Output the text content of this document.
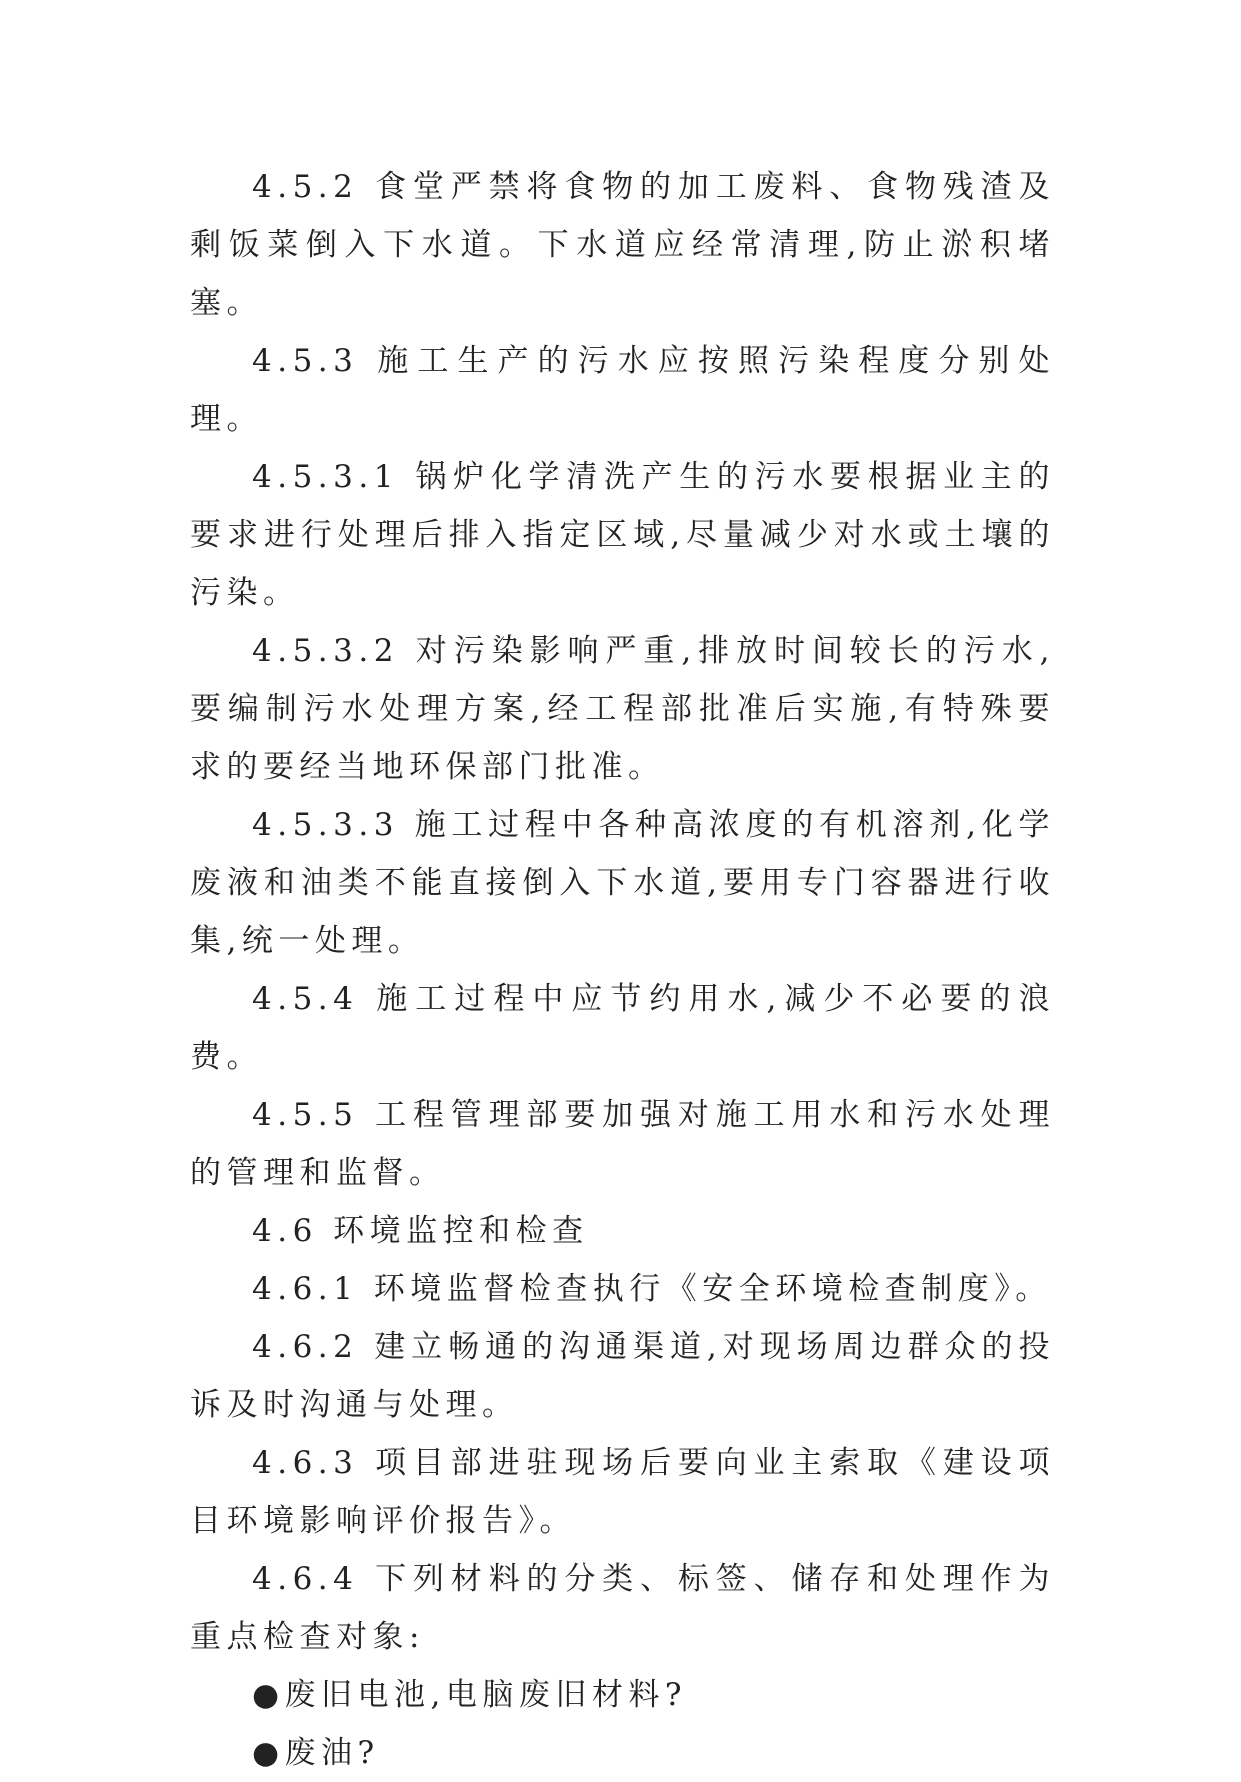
4.5.2 食堂严禁将食物的加工废料、食物残渣及剩饭菜倒入下水道。下水道应经常清理,防止淤积堵塞。

4.5.3 施工生产的污水应按照污染程度分别处理。

4.5.3.1 锅炉化学清洗产生的污水要根据业主的要求进行处理后排入指定区域,尽量减少对水或土壤的污染。

4.5.3.2 对污染影响严重,排放时间较长的污水,要编制污水处理方案,经工程部批准后实施,有特殊要求的要经当地环保部门批准。

4.5.3.3 施工过程中各种高浓度的有机溶剂,化学废液和油类不能直接倒入下水道,要用专门容器进行收集,统一处理。

4.5.4 施工过程中应节约用水,减少不必要的浪费。

4.5.5 工程管理部要加强对施工用水和污水处理的管理和监督。

4.6 环境监控和检查

4.6.1 环境监督检查执行《安全环境检查制度》。

4.6.2 建立畅通的沟通渠道,对现场周边群众的投诉及时沟通与处理。

4.6.3 项目部进驻现场后要向业主索取《建设项目环境影响评价报告》。

4.6.4 下列材料的分类、标签、储存和处理作为重点检查对象:

●废旧电池,电脑废旧材料?

●废油?
